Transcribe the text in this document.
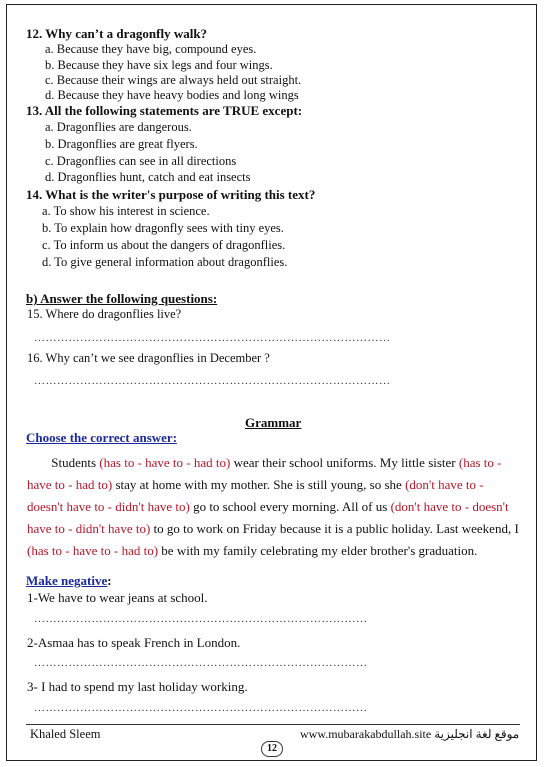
12. Why can’t a dragonfly walk?
a. Because they have big, compound eyes.
b. Because they have six legs and four wings.
c. Because their wings are always held out straight.
d. Because they have heavy bodies and long wings
13. All the following statements are TRUE except:
a. Dragonflies are dangerous.
b. Dragonflies are great flyers.
c. Dragonflies can see in all directions
d. Dragonflies hunt, catch and eat insects
14. What is the writer's purpose of writing this text?
a. To show his interest in science.
b. To explain how dragonfly sees with tiny eyes.
c. To inform us about the dangers of dragonflies.
d. To give general information about dragonflies.
b) Answer the following questions:
15. Where do dragonflies live?
…………………………………………………………………………………
16. Why can’t we see dragonflies in December ?
…………………………………………………………………………………
Grammar
Choose the correct answer:
Students (has to - have to - had to) wear their school uniforms. My little sister (has to - have to - had to) stay at home with my mother. She is still young, so she (don't have to - doesn't have to - didn't have to) go to school every morning. All of us (don't have to - doesn't have to - didn't have to) to go to work on Friday because it is a public holiday. Last weekend, I (has to - have to - had to) be with my family celebrating my elder brother's graduation.
Make negative:
1-We have to wear jeans at school.
……………………………………………………………………………
2-Asmaa has to speak French in London.
……………………………………………………………………………
3- I had to spend my last holiday working.
……………………………………………………………………………
Khaled Sleem	www.mubarakabdullah.site موقع لغة انجليزية
12
